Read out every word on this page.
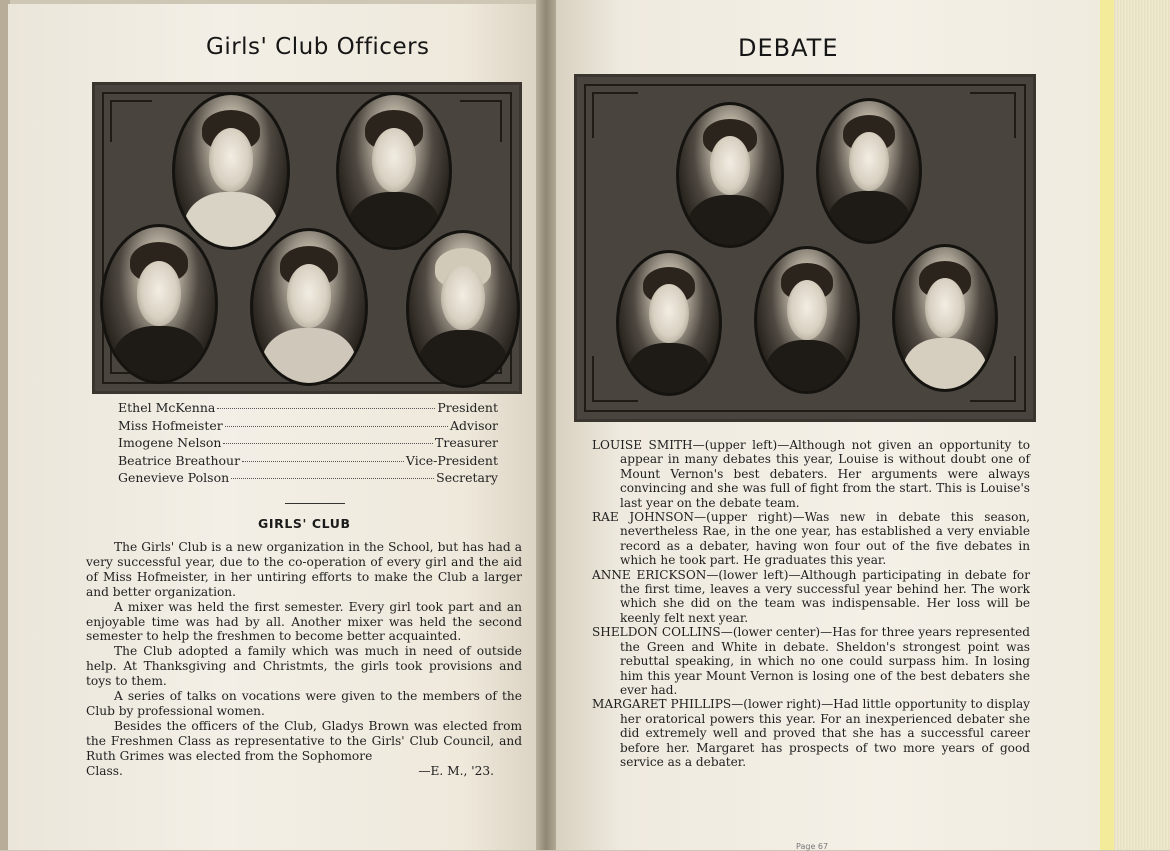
Girls' Club Officers
Ethel McKenna	President
Miss Hofmeister	Advisor
Imogene Nelson	Treasurer
Beatrice Breathour	Vice-President
Genevieve Polson	Secretary
GIRLS' CLUB

The Girls' Club is a new organization in the School, but has had a very successful year, due to the co-operation of every girl and the aid of Miss Hofmeister, in her untiring efforts to make the Club a larger and better organization.

A mixer was held the first semester. Every girl took part and an enjoyable time was had by all. Another mixer was held the second semester to help the freshmen to become better acquainted.

The Club adopted a family which was much in need of outside help. At Thanksgiving and Christmts, the girls took provisions and toys to them.

A series of talks on vocations were given to the members of the Club by professional women.

Besides the officers of the Club, Gladys Brown was elected from the Freshmen Class as representative to the Girls' Club Council, and Ruth Grimes was elected from the Sophomore

Class.	—E. M., '23.
DEBATE

LOUISE SMITH—(upper left)—Although not given an opportunity to appear in many debates this year, Louise is without doubt one of Mount Vernon's best debaters. Her arguments were always convincing and she was full of fight from the start. This is Louise's last year on the debate team.

RAE JOHNSON—(upper right)—Was new in debate this season, nevertheless Rae, in the one year, has established a very enviable record as a debater, having won four out of the five debates in which he took part. He graduates this year.

ANNE ERICKSON—(lower left)—Although participating in debate for the first time, leaves a very successful year behind her. The work which she did on the team was indispensable. Her loss will be keenly felt next year.

SHELDON COLLINS—(lower center)—Has for three years represented the Green and White in debate. Sheldon's strongest point was rebuttal speaking, in which no one could surpass him. In losing him this year Mount Vernon is losing one of the best debaters she ever had.

MARGARET PHILLIPS—(lower right)—Had little opportunity to display her oratorical powers this year. For an inexperienced debater she did extremely well and proved that she has a successful career before her. Margaret has prospects of two more years of good service as a debater.

Page 67
